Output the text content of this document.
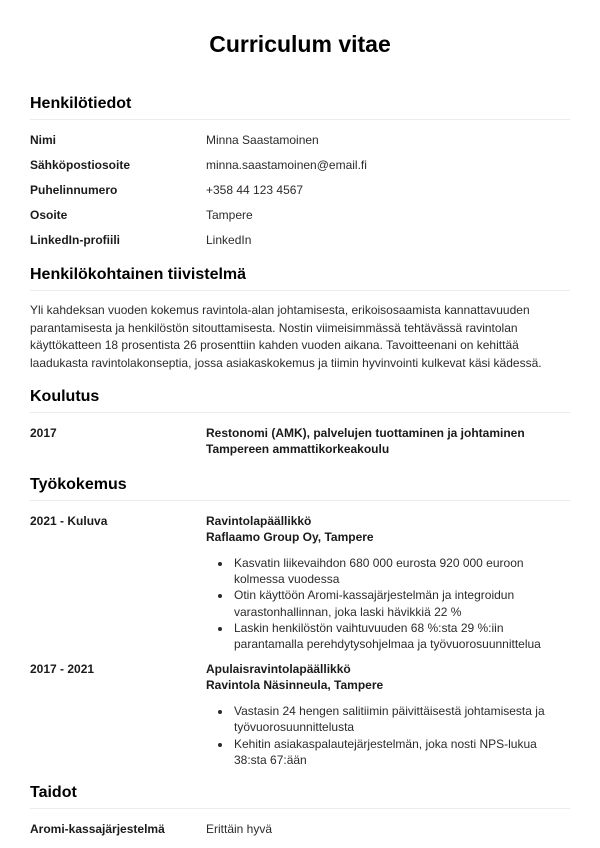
Curriculum vitae
Henkilötiedot
Nimi	Minna Saastamoinen
Sähköpostiosoite	minna.saastamoinen@email.fi
Puhelinnumero	+358 44 123 4567
Osoite	Tampere
LinkedIn-profiili	LinkedIn
Henkilökohtainen tiivistelmä

Yli kahdeksan vuoden kokemus ravintola-alan johtamisesta, erikoisosaamista kannattavuuden parantamisesta ja henkilöstön sitouttamisesta. Nostin viimeisimmässä tehtävässä ravintolan käyttökatteen 18 prosentista 26 prosenttiin kahden vuoden aikana. Tavoitteenani on kehittää laadukasta ravintolakonseptia, jossa asiakaskokemus ja tiimin hyvinvointi kulkevat käsi kädessä.

Koulutus
2017	Restonomi (AMK), palvelujen tuottaminen ja johtaminen
Tampereen ammattikorkeakoulu
Työkokemus
2021 - Kuluva	Ravintolapäällikkö
Raflaamo Group Oy, Tampere
• Kasvatin liikevaihdon 680 000 eurosta 920 000 euroon kolmessa vuodessa
• Otin käyttöön Aromi-kassajärjestelmän ja integroidun varastonhallinnan, joka laski hävikkiä 22 %
• Laskin henkilöstön vaihtuvuuden 68 %:sta 29 %:iin parantamalla perehdytysohjelmaa ja työvuorosuunnittelua
2017 - 2021	Apulaisravintolapäällikkö
Ravintola Näsinneula, Tampere
• Vastasin 24 hengen salitiimin päivittäisestä johtamisesta ja työvuorosuunnittelusta
• Kehitin asiakaspalautejärjestelmän, joka nosti NPS-lukua 38:sta 67:ään
Taidot
Aromi-kassajärjestelmä	Erittäin hyvä
